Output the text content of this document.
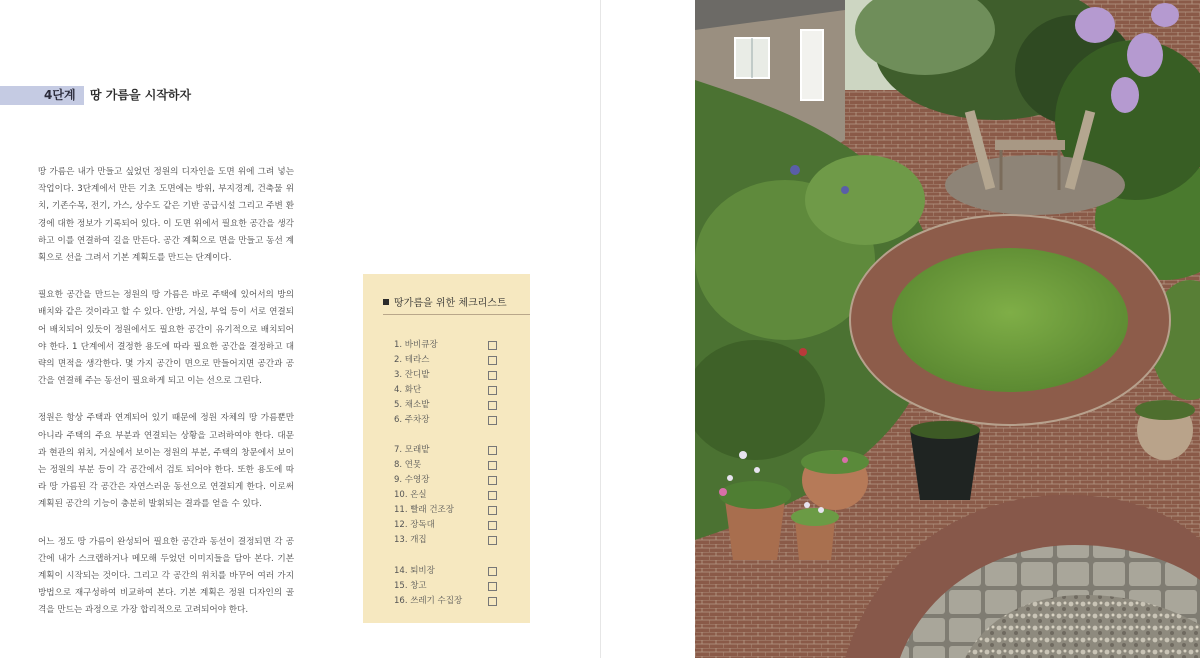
4단계 땅 가름을 시작하자

땅 가름은 내가 만들고 싶었던 정원의 디자인을 도면 위에 그려 넣는 작업이다. 3단계에서 만든 기초 도면에는 방위, 부지경계, 건축물 위치, 기존수목, 전기, 가스, 상수도 같은 기반 공급시설 그리고 주변 환경에 대한 정보가 기록되어 있다. 이 도면 위에서 필요한 공간을 생각하고 이를 연결하여 길을 만든다. 공간 계획으로 면을 만들고 동선 계획으로 선을 그려서 기본 계획도를 만드는 단계이다.

필요한 공간을 만드는 정원의 땅 가름은 바로 주택에 있어서의 방의 배치와 같은 것이라고 할 수 있다. 안방, 거실, 부엌 등이 서로 연결되어 배치되어 있듯이 정원에서도 필요한 공간이 유기적으로 배치되어야 한다. 1 단계에서 결정한 용도에 따라 필요한 공간을 결정하고 대략의 면적을 생각한다. 몇 가지 공간이 면으로 만들어지면 공간과 공간을 연결해 주는 동선이 필요하게 되고 이는 선으로 그린다.

정원은 항상 주택과 연계되어 있기 때문에 정원 자체의 땅 가름뿐만 아니라 주택의 주요 부분과 연결되는 상황을 고려하여야 한다. 대문과 현관의 위치, 거실에서 보이는 정원의 부분, 주택의 창문에서 보이는 정원의 부분 등이 각 공간에서 검토 되어야 한다. 또한 용도에 따라 땅 가름된 각 공간은 자연스러운 동선으로 연결되게 한다. 이로써 계획된 공간의 기능이 충분히 발휘되는 결과를 얻을 수 있다.

어느 정도 땅 가름이 완성되어 필요한 공간과 동선이 결정되면 각 공간에 내가 스크랩하거나 메모해 두었던 이미지들을 담아 본다. 기본 계획이 시작되는 것이다. 그리고 각 공간의 위치를 바꾸어 여러 가지 방법으로 재구성하여 비교하여 본다. 기본 계획은 정원 디자인의 골격을 만드는 과정으로 가장 합리적으로 고려되어야 한다.

땅가름을 위한 체크리스트
1. 바비큐장
2. 테라스
3. 잔디밭
4. 화단
5. 채소밭
6. 주차장
7. 모래밭
8. 연못
9. 수영장
10. 온실
11. 빨래 건조장
12. 장독대
13. 개집
14. 퇴비장
15. 창고
16. 쓰레기 수집장
